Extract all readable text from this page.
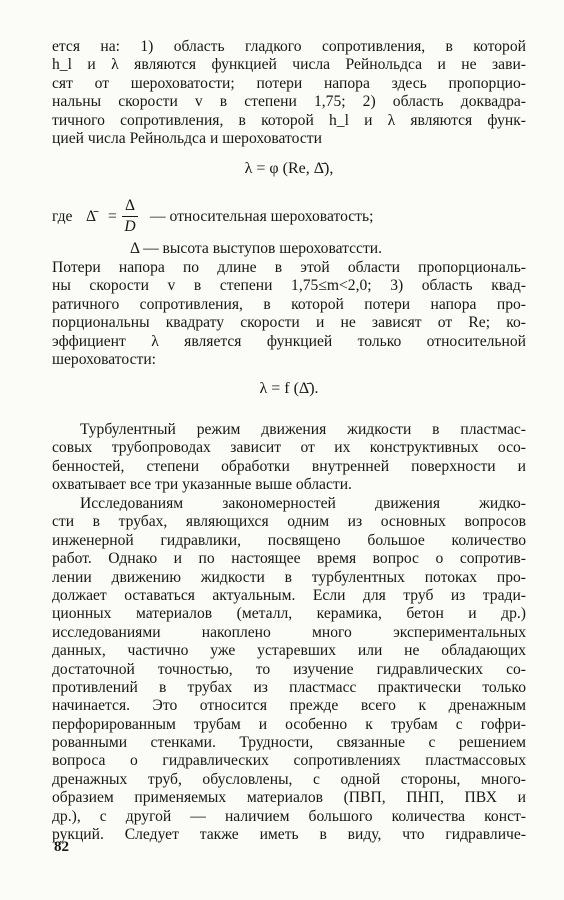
ется на: 1) область гладкого сопротивления, в которой
h_l и λ являются функцией числа Рейнольдса и не зави-
сят от шероховатости; потери напора здесь пропорцио-
нальны скорости v в степени 1,75; 2) область доквадра-
тичного сопротивления, в которой h_l и λ являются функ-
цией числа Рейнольдса и шероховатости
λ = φ (Re, Δ̄),
где Δ̄ = $\frac{\Delta}{D}$ — относительная шероховатость;
Δ — высота выступов шероховатссти.
Потери напора по длине в этой области пропорциональ-
ны скорости v в степени 1,75≤m<2,0; 3) область квад-
ратичного сопротивления, в которой потери напора про-
порциональны квадрату скорости и не зависят от Re; ко-
эффициент λ является функцией только относительной
шероховатости:
λ = f (Δ̄).
Турбулентный режим движения жидкости в пластмас-
совых трубопроводах зависит от их конструктивных осо-
бенностей, степени обработки внутренней поверхности и
охватывает все три указанные выше области.
Исследованиям закономерностей движения жидко-
сти в трубах, являющихся одним из основных вопросов
инженерной гидравлики, посвящено большое количество
работ. Однако и по настоящее время вопрос о сопротив-
лении движению жидкости в турбулентных потоках про-
должает оставаться актуальным. Если для труб из тради-
ционных материалов (металл, керамика, бетон и др.)
исследованиями накоплено много экспериментальных
данных, частично уже устаревших или не обладающих
достаточной точностью, то изучение гидравлических со-
противлений в трубах из пластмасс практически только
начинается. Это относится прежде всего к дренажным
перфорированным трубам и особенно к трубам с гофри-
рованными стенками. Трудности, связанные с решением
вопроса о гидравлических сопротивлениях пластмассовых
дренажных труб, обусловлены, с одной стороны, много-
образием применяемых материалов (ПВП, ПНП, ПВХ и
др.), с другой — наличием большого количества конст-
рукций. Следует также иметь в виду, что гидравличе-
82
